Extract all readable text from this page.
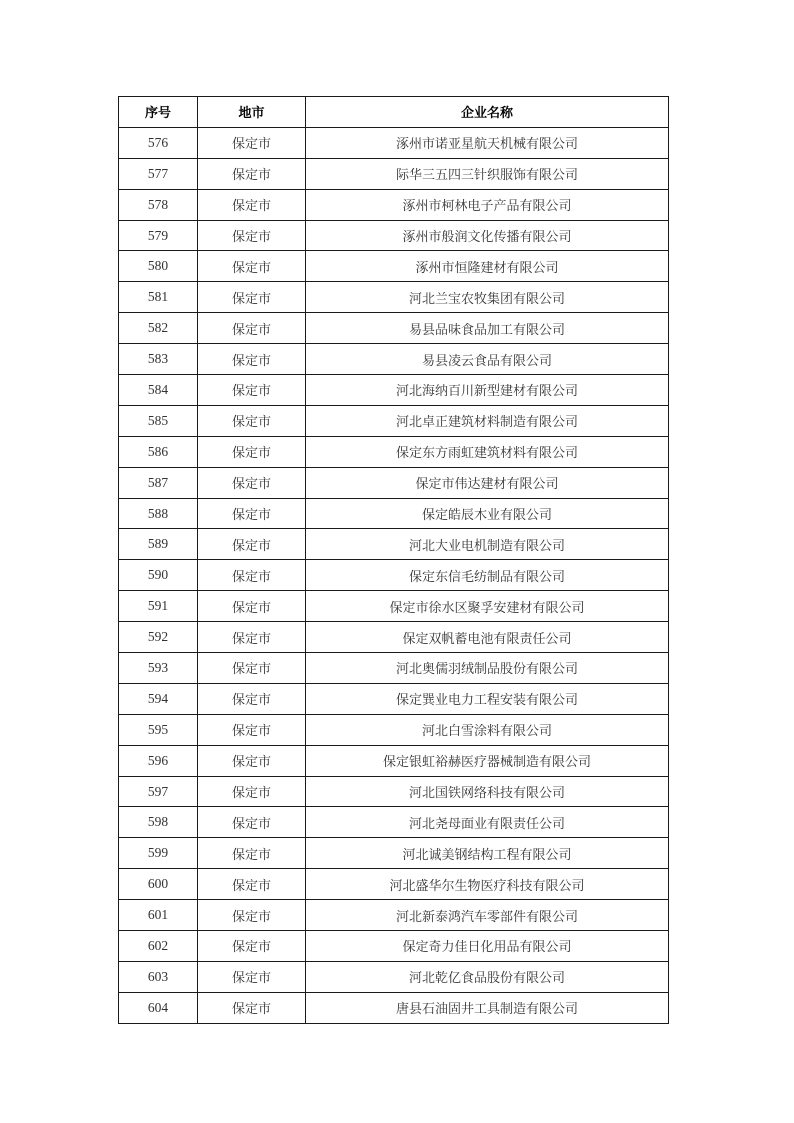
序号	地市	企业名称
576	保定市	涿州市诺亚星航天机械有限公司
577	保定市	际华三五四三针织服饰有限公司
578	保定市	涿州市柯林电子产品有限公司
579	保定市	涿州市般润文化传播有限公司
580	保定市	涿州市恒隆建材有限公司
581	保定市	河北兰宝农牧集团有限公司
582	保定市	易县品味食品加工有限公司
583	保定市	易县凌云食品有限公司
584	保定市	河北海纳百川新型建材有限公司
585	保定市	河北卓正建筑材料制造有限公司
586	保定市	保定东方雨虹建筑材料有限公司
587	保定市	保定市伟达建材有限公司
588	保定市	保定皓辰木业有限公司
589	保定市	河北大业电机制造有限公司
590	保定市	保定东信毛纺制品有限公司
591	保定市	保定市徐水区聚孚安建材有限公司
592	保定市	保定双帆蓄电池有限责任公司
593	保定市	河北奥儒羽绒制品股份有限公司
594	保定市	保定巽业电力工程安装有限公司
595	保定市	河北白雪涂料有限公司
596	保定市	保定银虹裕赫医疗器械制造有限公司
597	保定市	河北国铁网络科技有限公司
598	保定市	河北尧母面业有限责任公司
599	保定市	河北诚美钢结构工程有限公司
600	保定市	河北盛华尔生物医疗科技有限公司
601	保定市	河北新泰鸿汽车零部件有限公司
602	保定市	保定奇力佳日化用品有限公司
603	保定市	河北乾亿食品股份有限公司
604	保定市	唐县石油固井工具制造有限公司
